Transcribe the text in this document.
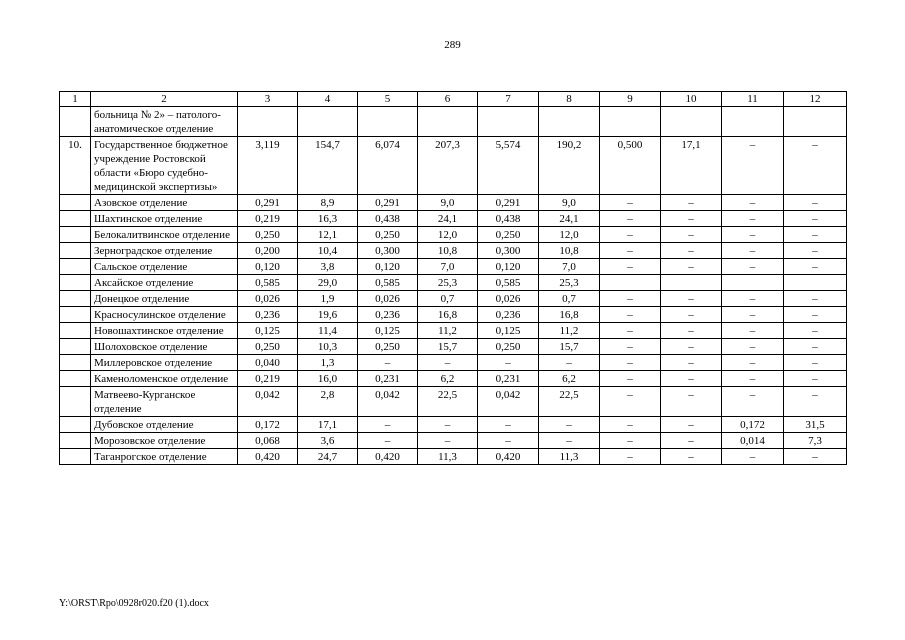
289
1	2	3	4	5	6	7	8	9	10	11	12
	больница № 2» – патолого-анатомическое отделение										
10.	Государственное бюджетное учреждение Ростовской области «Бюро судебно-медицинской экспертизы»	3,119	154,7	6,074	207,3	5,574	190,2	0,500	17,1	–	–
	Азовское отделение	0,291	8,9	0,291	9,0	0,291	9,0	–	–	–	–
	Шахтинское отделение	0,219	16,3	0,438	24,1	0,438	24,1	–	–	–	–
	Белокалитвинское отделение	0,250	12,1	0,250	12,0	0,250	12,0	–	–	–	–
	Зерноградское отделение	0,200	10,4	0,300	10,8	0,300	10,8	–	–	–	–
	Сальское отделение	0,120	3,8	0,120	7,0	0,120	7,0	–	–	–	–
	Аксайское отделение	0,585	29,0	0,585	25,3	0,585	25,3				
	Донецкое отделение	0,026	1,9	0,026	0,7	0,026	0,7	–	–	–	–
	Красносулинское отделение	0,236	19,6	0,236	16,8	0,236	16,8	–	–	–	–
	Новошахтинское отделение	0,125	11,4	0,125	11,2	0,125	11,2	–	–	–	–
	Шолоховское отделение	0,250	10,3	0,250	15,7	0,250	15,7	–	–	–	–
	Миллеровское отделение	0,040	1,3	–	–	–	–	–	–	–	–
	Каменоломенское отделение	0,219	16,0	0,231	6,2	0,231	6,2	–	–	–	–
	Матвеево-Курганское отделение	0,042	2,8	0,042	22,5	0,042	22,5	–	–	–	–
	Дубовское отделение	0,172	17,1	–	–	–	–	–	–	0,172	31,5
	Морозовское отделение	0,068	3,6	–	–	–	–	–	–	0,014	7,3
	Таганрогское отделение	0,420	24,7	0,420	11,3	0,420	11,3	–	–	–	–
Y:\ORST\Rpo\0928r020.f20 (1).docx
